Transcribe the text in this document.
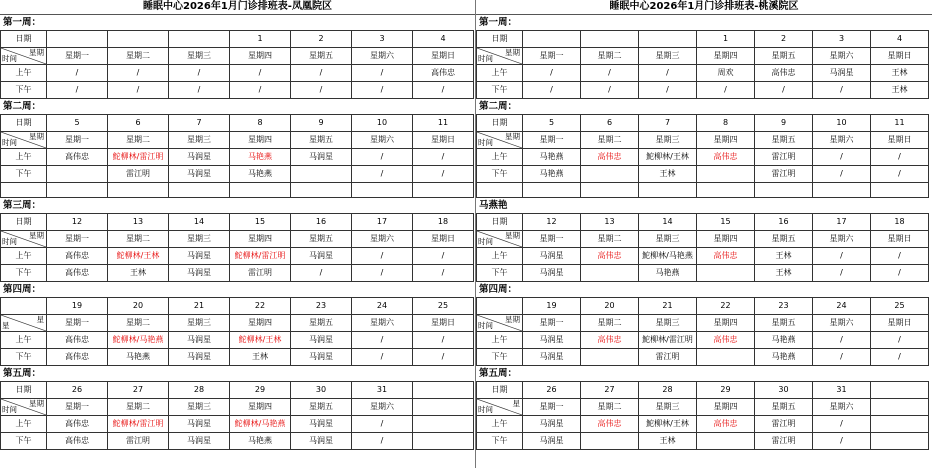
睡眠中心2026年1月门诊排班表-凤凰院区
第一周：
日期				1	2	3	4

星期
时间	星期一	星期二	星期三	星期四	星期五	星期六	星期日
上午	/	/	/	/	/	/	高伟忠
下午	/	/	/	/	/	/	/
第二周：
日期	5	6	7	8	9	10	11

星期
时间	星期一	星期二	星期三	星期四	星期五	星期六	星期日
上午	高伟忠	鮀柳林/雷江明	马润星	马艳燕	马润星	/	/
下午		雷江明	马润星	马艳燕		/	/

第三周：
日期	12	13	14	15	16	17	18

星期
时间	星期一	星期二	星期三	星期四	星期五	星期六	星期日
上午	高伟忠	鮀柳林/王林	马润星	鮀柳林/雷江明	马润星	/	/
下午	高伟忠	王林	马润星	雷江明	/	/	/
第四周：
	19	20	21	22	23	24	25

星
星	星期一	星期二	星期三	星期四	星期五	星期六	星期日
上午	高伟忠	鮀柳林/马艳燕	马润星	鮀柳林/王林	马润星	/	/
下午	高伟忠	马艳燕	马润星	王林	马润星	/	/
第五周：
日期	26	27	28	29	30	31	

星期
时间	星期一	星期二	星期三	星期四	星期五	星期六	
上午	高伟忠	鮀柳林/雷江明	马润星	鮀柳林/马艳燕	马润星	/	
下午	高伟忠	雷江明	马润星	马艳燕	马润星	/	
睡眠中心2026年1月门诊排班表-桃溪院区
第一周：
日期				1	2	3	4

星期
时间	星期一	星期二	星期三	星期四	星期五	星期六	星期日
上午	/	/	/	周欢	高伟忠	马润星	王林
下午	/	/	/	/	/	/	王林
第二周：
日期	5	6	7	8	9	10	11

星期
时间	星期一	星期二	星期三	星期四	星期五	星期六	星期日
上午	马艳燕	高伟忠	鮀柳林/王林	高伟忠	雷江明	/	/
下午	马艳燕		王林		雷江明	/	/

马燕艳
日期	12	13	14	15	16	17	18

星期
时间	星期一	星期二	星期三	星期四	星期五	星期六	星期日
上午	马润星	高伟忠	鮀柳林/马艳燕	高伟忠	王林	/	/
下午	马润星		马艳燕		王林	/	/
第四周：
	19	20	21	22	23	24	25

星期
时间	星期一	星期二	星期三	星期四	星期五	星期六	星期日
上午	马润星	高伟忠	鮀柳林/雷江明	高伟忠	马艳燕	/	/
下午	马润星		雷江明		马艳燕	/	/
第五周：
日期	26	27	28	29	30	31	

星
时间	星期一	星期二	星期三	星期四	星期五	星期六	
上午	马润星	高伟忠	鮀柳林/王林	高伟忠	雷江明	/	
下午	马润星		王林		雷江明	/	
